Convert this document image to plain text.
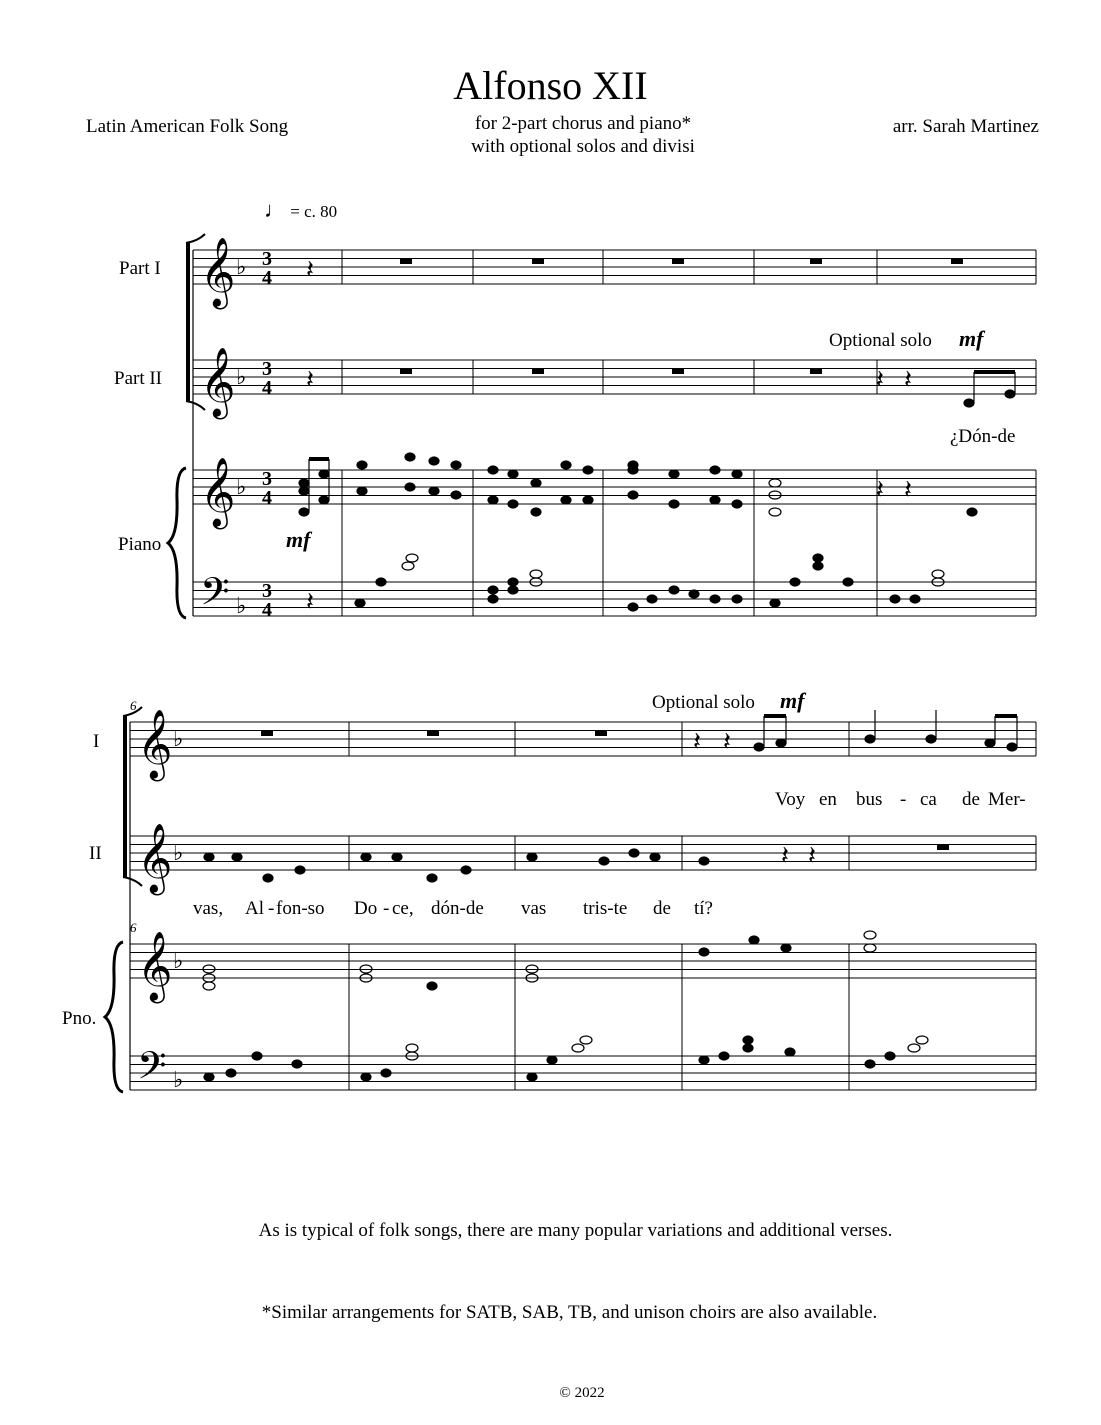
Alfonso XII
Latin American Folk Song	for 2-part chorus and piano*
with optional solos and divisi
arr. Sarah Martinez
♩ = c. 80
𝄞
𝄞
𝄞
𝄢
♭
♭
♭
♭
3
4
3
4
3
4
3
4
𝄽
𝄽
𝄽
𝄽 𝄽
𝄽 𝄽
𝄞
𝄞
𝄞
𝄢
♭
♭
♭
♭
𝄽 𝄽
𝄽 𝄽
Part I
Part II
Piano
Optional solo mf
mf
¿Dón-de
6
6
I
II
Pno.
Optional solo mf
Voy en bus - ca de Mer-
vas, Al - fon-so Do - ce, dón-de vas tris-te de tí?
As is typical of folk songs, there are many popular variations and additional verses.
*Similar arrangements for SATB, SAB, TB, and unison choirs are also available.
© 2022
